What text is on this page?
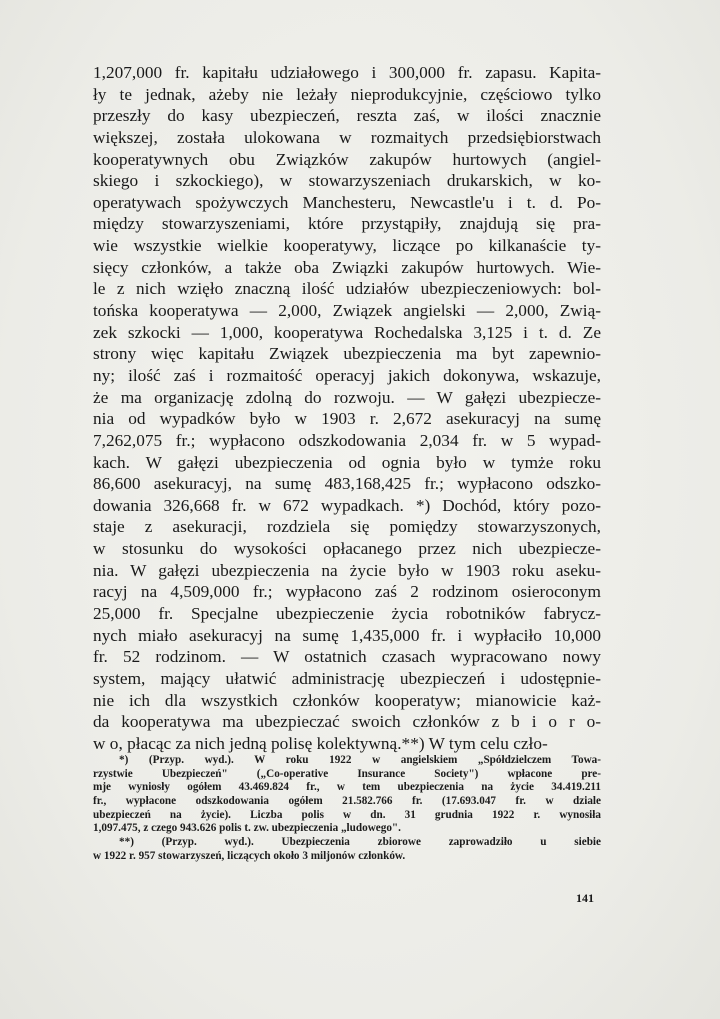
1,207,000 fr. kapitału udziałowego i 300,000 fr. zapasu. Kapita-
ły te jednak, ażeby nie leżały nieprodukcyjnie, częściowo tylko
przeszły do kasy ubezpieczeń, reszta zaś, w ilości znacznie
większej, została ulokowana w rozmaitych przedsiębiorstwach
kooperatywnych obu Związków zakupów hurtowych (angiel-
skiego i szkockiego), w stowarzyszeniach drukarskich, w ko-
operatywach spożywczych Manchesteru, Newcastle'u i t. d. Po-
między stowarzyszeniami, które przystąpiły, znajdują się pra-
wie wszystkie wielkie kooperatywy, liczące po kilkanaście ty-
sięcy członków, a także oba Związki zakupów hurtowych. Wie-
le z nich wzięło znaczną ilość udziałów ubezpieczeniowych: bol-
tońska kooperatywa — 2,000, Związek angielski — 2,000, Zwią-
zek szkocki — 1,000, kooperatywa Rochedalska 3,125 i t. d. Ze
strony więc kapitału Związek ubezpieczenia ma byt zapewnio-
ny; ilość zaś i rozmaitość operacyj jakich dokonywa, wskazuje,
że ma organizację zdolną do rozwoju. — W gałęzi ubezpiecze-
nia od wypadków było w 1903 r. 2,672 asekuracyj na sumę
7,262,075 fr.; wypłacono odszkodowania 2,034 fr. w 5 wypad-
kach. W gałęzi ubezpieczenia od ognia było w tymże roku
86,600 asekuracyj, na sumę 483,168,425 fr.; wypłacono odszko-
dowania 326,668 fr. w 672 wypadkach. *) Dochód, który pozo-
staje z asekuracji, rozdziela się pomiędzy stowarzyszonych,
w stosunku do wysokości opłacanego przez nich ubezpiecze-
nia. W gałęzi ubezpieczenia na życie było w 1903 roku aseku-
racyj na 4,509,000 fr.; wypłacono zaś 2 rodzinom osieroconym
25,000 fr. Specjalne ubezpieczenie życia robotników fabrycz-
nych miało asekuracyj na sumę 1,435,000 fr. i wypłaciło 10,000
fr. 52 rodzinom. — W ostatnich czasach wypracowano nowy
system, mający ułatwić administrację ubezpieczeń i udostępnie-
nie ich dla wszystkich członków kooperatyw; mianowicie każ-
da kooperatywa ma ubezpieczać swoich członków z b i o r o-
w o, płacąc za nich jedną polisę kolektywną.**) W tym celu czło-
*) (Przyp. wyd.). W roku 1922 w angielskiem „Spółdzielczem Towa-
rzystwie Ubezpieczeń" („Co-operative Insurance Society") wpłacone pre-
mje wyniosły ogółem 43.469.824 fr., w tem ubezpieczenia na życie 34.419.211
fr., wypłacone odszkodowania ogółem 21.582.766 fr. (17.693.047 fr. w dziale
ubezpieczeń na życie). Liczba polis w dn. 31 grudnia 1922 r. wynosiła
1,097.475, z czego 943.626 polis t. zw. ubezpieczenia „ludowego".
**) (Przyp. wyd.). Ubezpieczenia zbiorowe zaprowadziło u siebie
w 1922 r. 957 stowarzyszeń, liczących około 3 miljonów członków.
141
